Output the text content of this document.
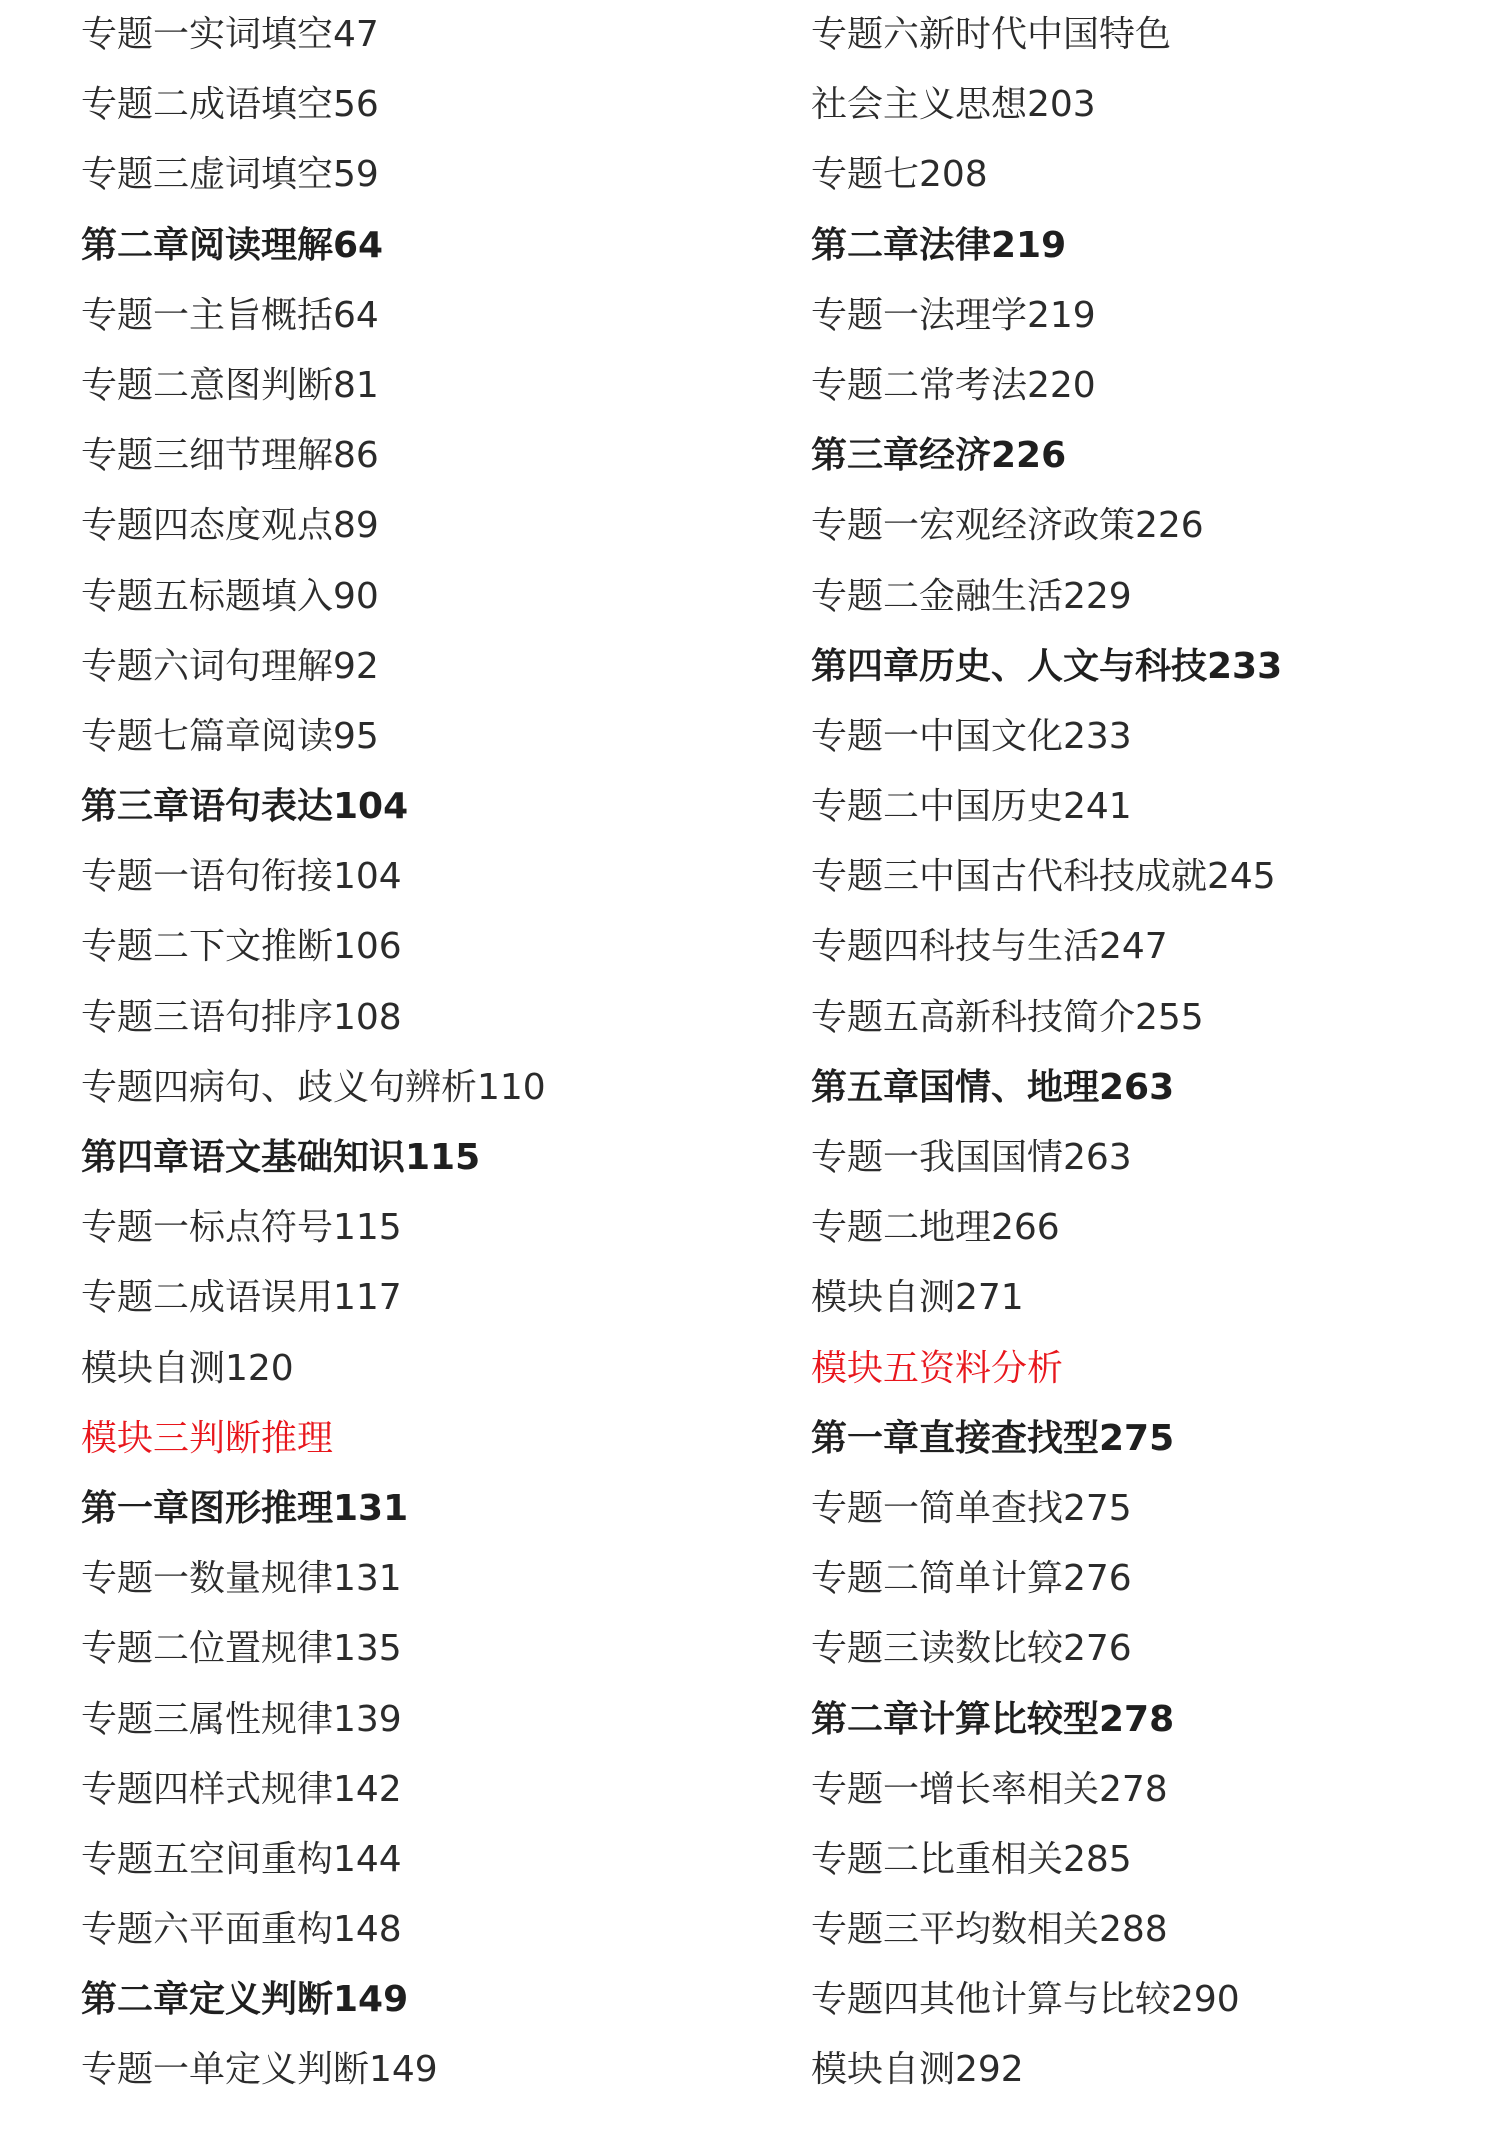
专题一实词填空47
专题二成语填空56
专题三虚词填空59
第二章阅读理解64
专题一主旨概括64
专题二意图判断81
专题三细节理解86
专题四态度观点89
专题五标题填入90
专题六词句理解92
专题七篇章阅读95
第三章语句表达104
专题一语句衔接104
专题二下文推断106
专题三语句排序108
专题四病句、歧义句辨析110
第四章语文基础知识115
专题一标点符号115
专题二成语误用117
模块自测120
模块三判断推理
第一章图形推理131
专题一数量规律131
专题二位置规律135
专题三属性规律139
专题四样式规律142
专题五空间重构144
专题六平面重构148
第二章定义判断149
专题一单定义判断149
专题六新时代中国特色
社会主义思想203
专题七208
第二章法律219
专题一法理学219
专题二常考法220
第三章经济226
专题一宏观经济政策226
专题二金融生活229
第四章历史、人文与科技233
专题一中国文化233
专题二中国历史241
专题三中国古代科技成就245
专题四科技与生活247
专题五高新科技简介255
第五章国情、地理263
专题一我国国情263
专题二地理266
模块自测271
模块五资料分析
第一章直接查找型275
专题一简单查找275
专题二简单计算276
专题三读数比较276
第二章计算比较型278
专题一增长率相关278
专题二比重相关285
专题三平均数相关288
专题四其他计算与比较290
模块自测292
